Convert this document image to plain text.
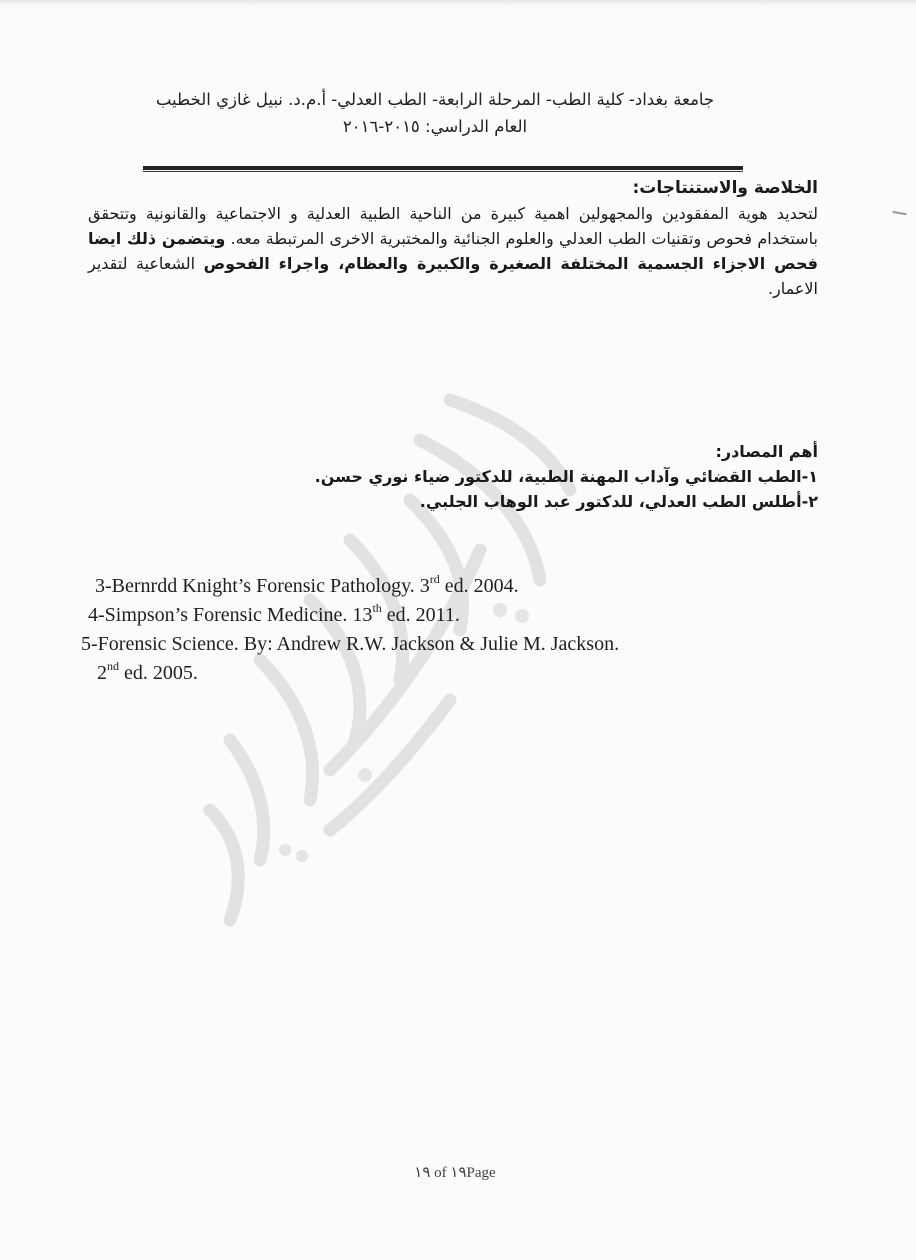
جامعة بغداد- كلية الطب- المرحلة الرابعة- الطب العدلي- أ.م.د. نبيل غازي الخطيب
العام الدراسي: ٢٠١٥-٢٠١٦
الخلاصة والاستنتاجات:

لتحديد هوية المفقودين والمجهولين اهمية كبيرة من الناحية الطبية العدلية و الاجتماعية والقانونية وتتحقق باستخدام فحوص وتقنيات الطب العدلي والعلوم الجنائية والمختبرية الاخرى المرتبطة معه. ويتضمن ذلك ايضا فحص الاجزاء الجسمية المختلفة الصغيرة والكبيرة والعظام، واجراء الفحوص الشعاعية لتقدير الاعمار.

أهم المصادر:
١-الطب القضائي وآداب المهنة الطبية، للدكتور ضياء نوري حسن.
٢-أطلس الطب العدلي، للدكتور عبد الوهاب الجلبي.
3-Bernrdd Knight’s Forensic Pathology. 3rd ed. 2004.
4-Simpson’s Forensic Medicine. 13th ed. 2011.
5-Forensic Science. By: Andrew R.W. Jackson & Julie M. Jackson.
2nd ed. 2005.
١٩ of ١٩Page
